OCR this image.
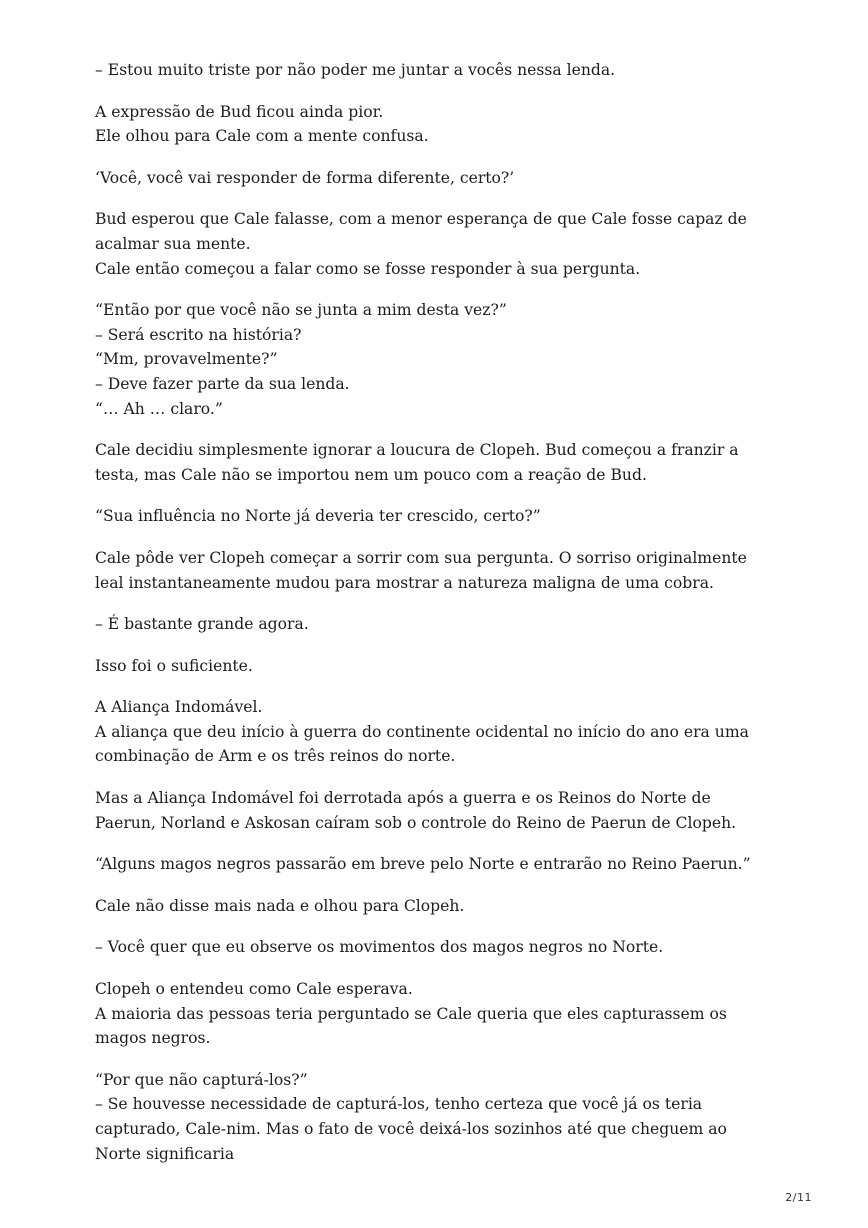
– Estou muito triste por não poder me juntar a vocês nessa lenda.

A expressão de Bud ficou ainda pior.
Ele olhou para Cale com a mente confusa.

‘Você, você vai responder de forma diferente, certo?’

Bud esperou que Cale falasse, com a menor esperança de que Cale fosse capaz de acalmar sua mente.
Cale então começou a falar como se fosse responder à sua pergunta.

“Então por que você não se junta a mim desta vez?”
– Será escrito na história?
“Mm, provavelmente?”
– Deve fazer parte da sua lenda.
“… Ah … claro.”

Cale decidiu simplesmente ignorar a loucura de Clopeh. Bud começou a franzir a testa, mas Cale não se importou nem um pouco com a reação de Bud.

“Sua influência no Norte já deveria ter crescido, certo?”

Cale pôde ver Clopeh começar a sorrir com sua pergunta. O sorriso originalmente leal instantaneamente mudou para mostrar a natureza maligna de uma cobra.

– É bastante grande agora.

Isso foi o suficiente.

A Aliança Indomável.
A aliança que deu início à guerra do continente ocidental no início do ano era uma combinação de Arm e os três reinos do norte.

Mas a Aliança Indomável foi derrotada após a guerra e os Reinos do Norte de Paerun, Norland e Askosan caíram sob o controle do Reino de Paerun de Clopeh.

“Alguns magos negros passarão em breve pelo Norte e entrarão no Reino Paerun.”

Cale não disse mais nada e olhou para Clopeh.

– Você quer que eu observe os movimentos dos magos negros no Norte.

Clopeh o entendeu como Cale esperava.
A maioria das pessoas teria perguntado se Cale queria que eles capturassem os magos negros.

“Por que não capturá-los?”
– Se houvesse necessidade de capturá-los, tenho certeza que você já os teria capturado, Cale-nim. Mas o fato de você deixá-los sozinhos até que cheguem ao Norte significaria

2/11
